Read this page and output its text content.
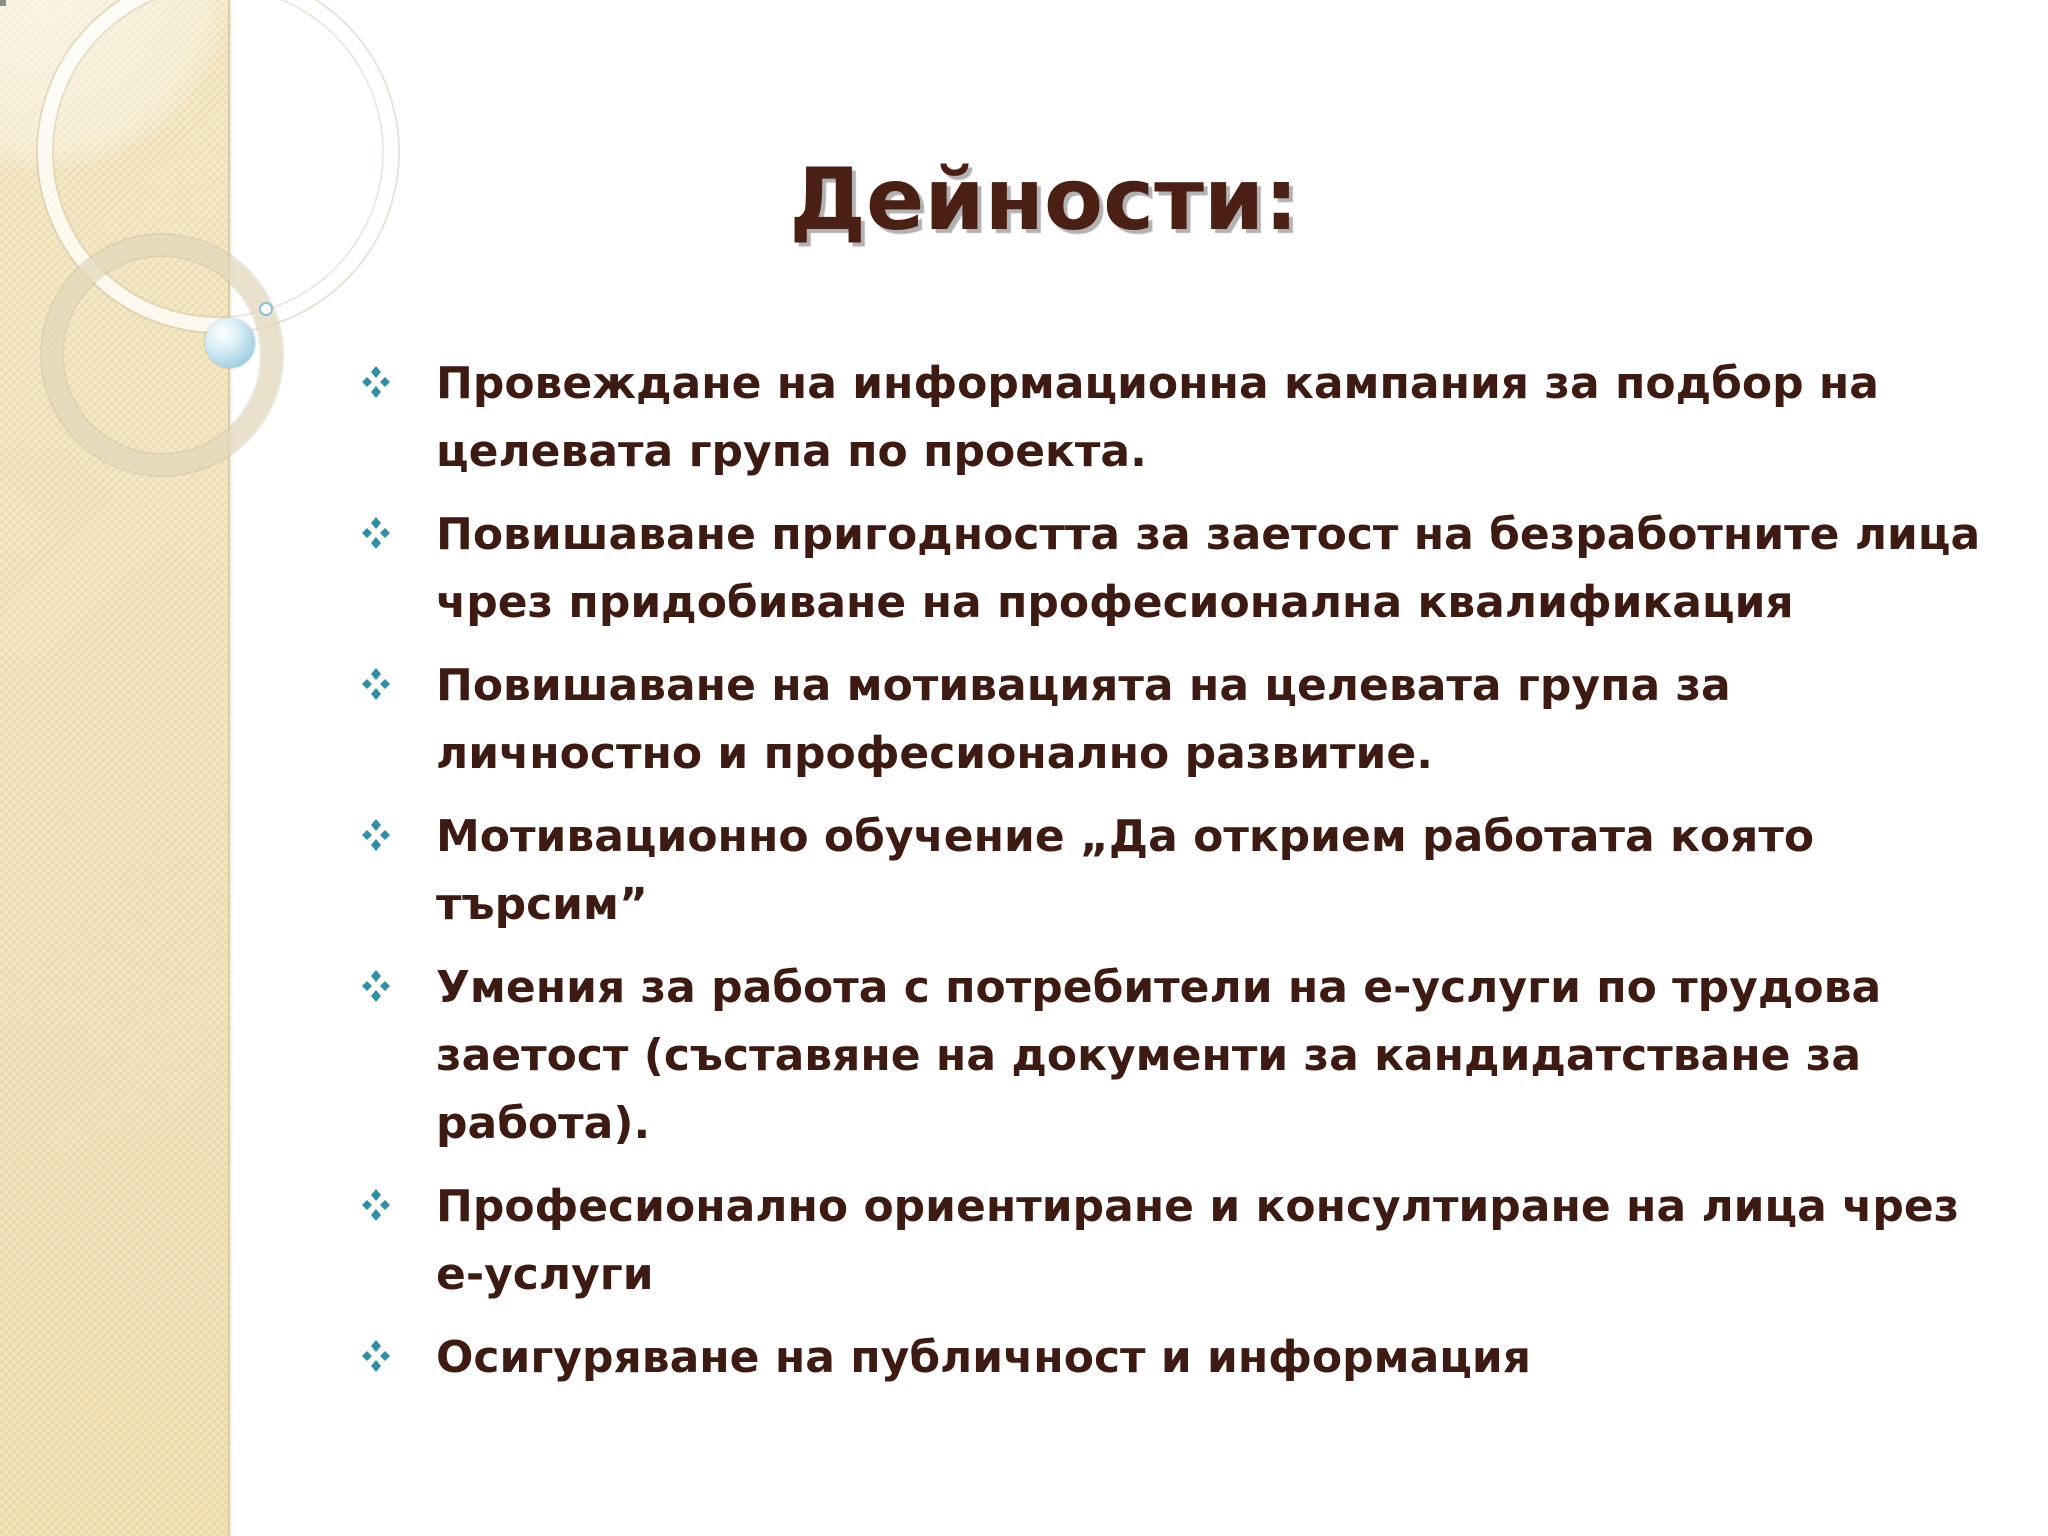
Дейности:
Провеждане на информационна кампания за подбор на целевата група по проекта.
Повишаване пригодността за заетост на безработните лица чрез придобиване на професионална квалификация
Повишаване на мотивацията на целевата група за личностно и професионално развитие.
Мотивационно обучение „Да открием работата която търсим”
Умения за работа с потребители на е-услуги по трудова заетост (съставяне на документи за кандидатстване за работа).
Професионално ориентиране и консултиране на лица чрез е-услуги
Осигуряване на публичност и информация
